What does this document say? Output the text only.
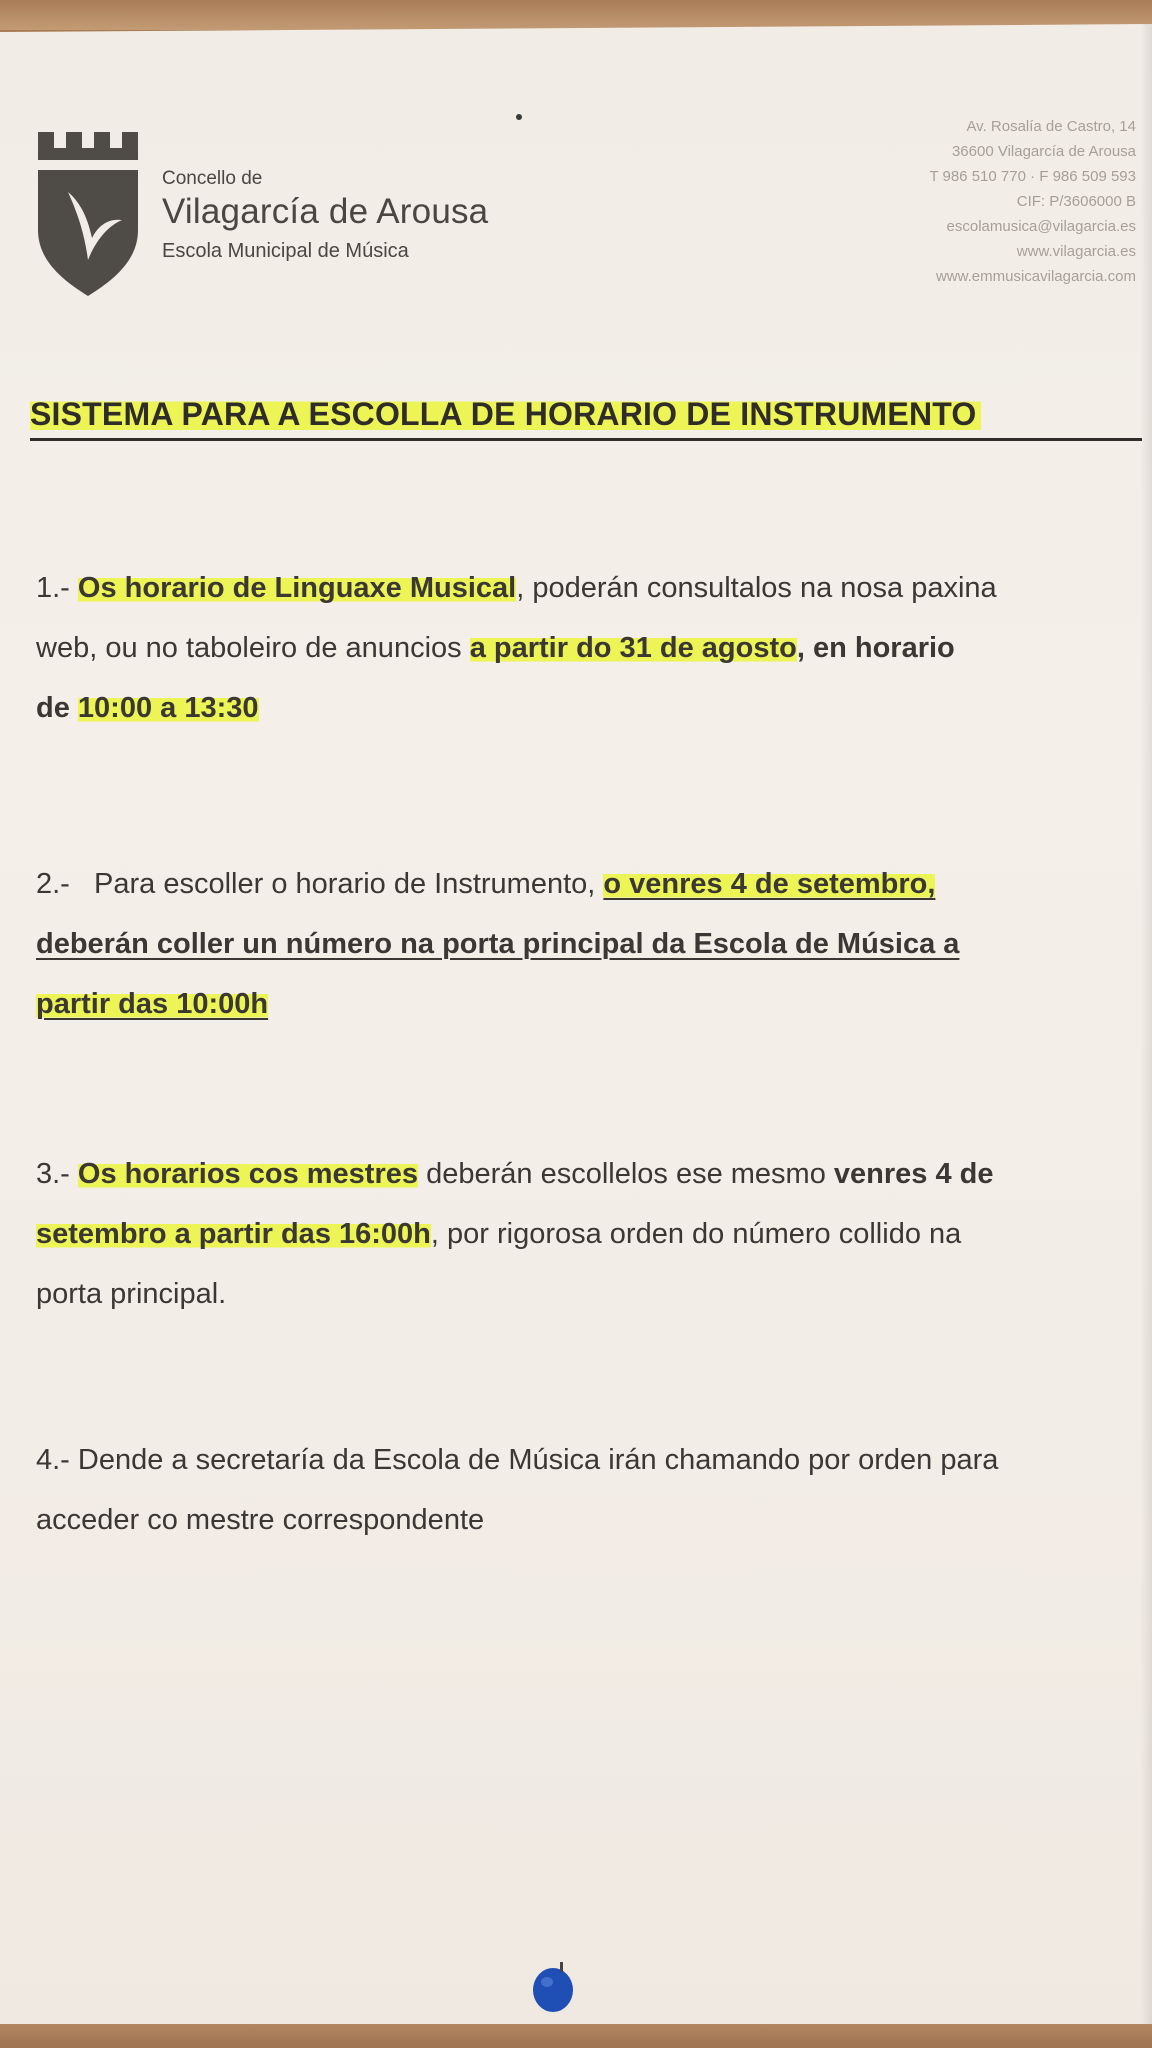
Concello de
Vilagarcía de Arousa
Escola Municipal de Música
Av. Rosalía de Castro, 14
36600 Vilagarcía de Arousa
T 986 510 770 · F 986 509 593
CIF: P/3606000 B
escolamusica@vilagarcia.es
www.vilagarcia.es
www.emmusicavilagarcia.com
SISTEMA PARA A ESCOLLA DE HORARIO DE INSTRUMENTO
1.- Os horario de Linguaxe Musical, poderán consultalos na nosa paxina
web, ou no taboleiro de anuncios a partir do 31 de agosto, en horario
de 10:00 a 13:30
2.- Para escoller o horario de Instrumento, o venres 4 de setembro,
deberán coller un número na porta principal da Escola de Música a
partir das 10:00h
3.- Os horarios cos mestres deberán escollelos ese mesmo venres 4 de
setembro a partir das 16:00h, por rigorosa orden do número collido na
porta principal.
4.- Dende a secretaría da Escola de Música irán chamando por orden para
acceder co mestre correspondente
